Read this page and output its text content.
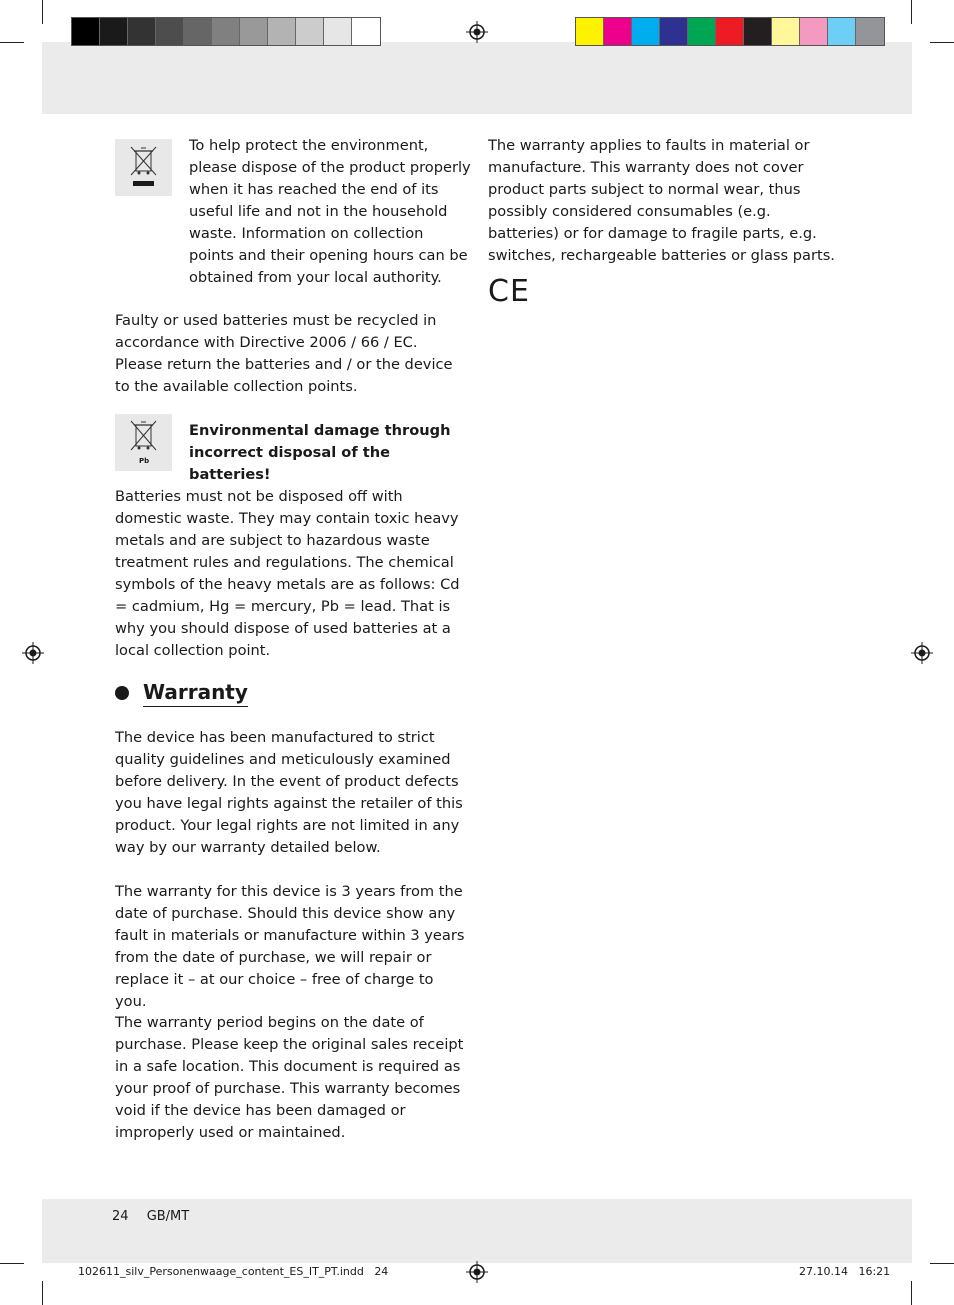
To help protect the environment, please dispose of the product properly when it has reached the end of its useful life and not in the household waste. Information on collection points and their opening hours can be obtained from your local authority.

Faulty or used batteries must be recycled in accordance with Directive 2006 / 66 / EC. Please return the batteries and / or the device to the available collection points.

Pb

Environmental damage through incorrect disposal of the batteries!

Batteries must not be disposed off with domestic waste. They may contain toxic heavy metals and are subject to hazardous waste treatment rules and regulations. The chemical symbols of the heavy metals are as follows: Cd = cadmium, Hg = mercury, Pb = lead. That is why you should dispose of used batteries at a local collection point.

Warranty

The device has been manufactured to strict quality guidelines and meticulously examined before delivery. In the event of product defects you have legal rights against the retailer of this product. Your legal rights are not limited in any way by our warranty detailed below.

The warranty for this device is 3 years from the date of purchase. Should this device show any fault in materials or manufacture within 3 years from the date of purchase, we will repair or replace it – at our choice – free of charge to you.

The warranty period begins on the date of purchase. Please keep the original sales receipt in a safe location. This document is required as your proof of purchase. This warranty becomes void if the device has been damaged or improperly used or maintained.

The warranty applies to faults in material or manufacture. This warranty does not cover product parts subject to normal wear, thus possibly considered consumables (e.g. batteries) or for damage to fragile parts, e.g. switches, rechargeable batteries or glass parts.

CE
24 GB/MT
102611_silv_Personenwaage_content_ES_IT_PT.indd   24	27.10.14   16:21
